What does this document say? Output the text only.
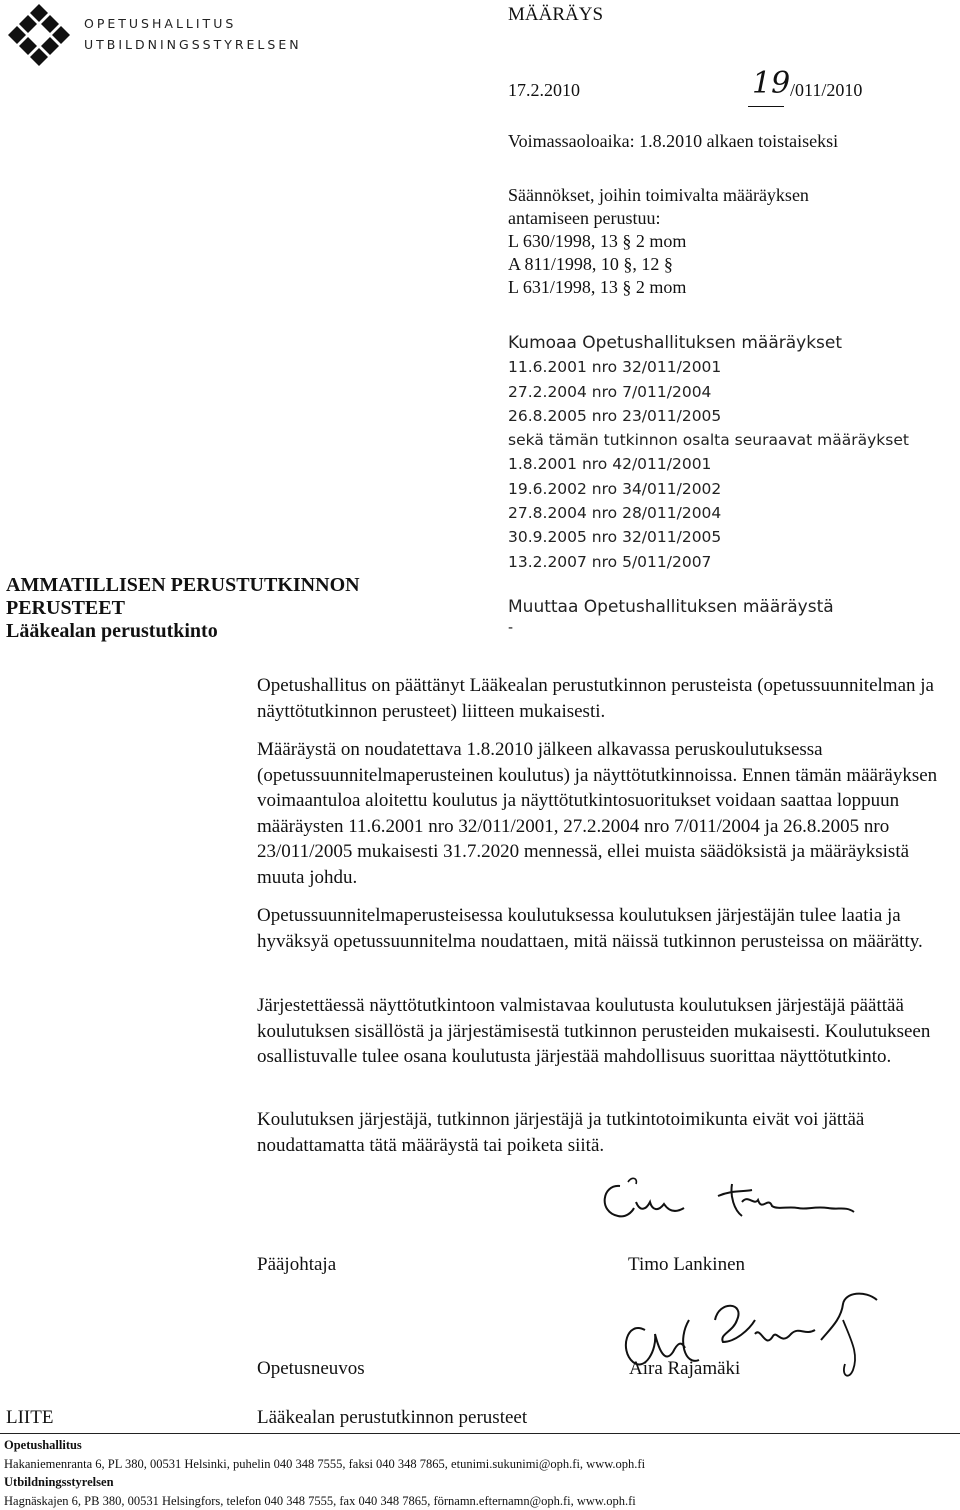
OPETUSHALLITUS
UTBILDNINGSSTYRELSEN
MÄÄRÄYS
17.2.2010	19 /011/2010
Voimassaoloaika: 1.8.2010 alkaen toistaiseksi
Säännökset, joihin toimivalta määräyksen
antamiseen perustuu:
L 630/1998, 13 § 2 mom
A 811/1998, 10 §, 12 §
L 631/1998, 13 § 2 mom
Kumoaa Opetushallituksen määräykset
11.6.2001 nro 32/011/2001
27.2.2004 nro 7/011/2004
26.8.2005 nro 23/011/2005
sekä tämän tutkinnon osalta seuraavat määräykset
1.8.2001 nro 42/011/2001
19.6.2002 nro 34/011/2002
27.8.2004 nro 28/011/2004
30.9.2005 nro 32/011/2005
13.2.2007 nro 5/011/2007
Muuttaa Opetushallituksen määräystä
-
AMMATILLISEN PERUSTUTKINNON
PERUSTEET
Lääkealan perustutkinto
Opetushallitus on päättänyt Lääkealan perustutkinnon perusteista (opetussuunnitelman ja näyttötutkinnon perusteet) liitteen mukaisesti.
Määräystä on noudatettava 1.8.2010 jälkeen alkavassa peruskoulutuksessa (opetussuunnitelmaperusteinen koulutus) ja näyttötutkinnoissa. Ennen tämän määräyksen voimaantuloa aloitettu koulutus ja näyttötutkintosuoritukset voidaan saattaa loppuun määräysten 11.6.2001 nro 32/011/2001, 27.2.2004 nro 7/011/2004 ja 26.8.2005 nro 23/011/2005 mukaisesti 31.7.2020 mennessä, ellei muista säädöksistä ja määräyksistä muuta johdu.
Opetussuunnitelmaperusteisessa koulutuksessa koulutuksen järjestäjän tulee laatia ja hyväksyä opetussuunnitelma noudattaen, mitä näissä tutkinnon perusteissa on määrätty.
Järjestettäessä näyttötutkintoon valmistavaa koulutusta koulutuksen järjestäjä päättää koulutuksen sisällöstä ja järjestämisestä tutkinnon perusteiden mukaisesti. Koulutukseen osallistuvalle tulee osana koulutusta järjestää mahdollisuus suorittaa näyttötutkinto.
Koulutuksen järjestäjä, tutkinnon järjestäjä ja tutkintotoimikunta eivät voi jättää noudattamatta tätä määräystä tai poiketa siitä.
Pääjohtaja	Timo Lankinen
Opetusneuvos	Aira Rajamäki
LIITE	Lääkealan perustutkinnon perusteet
Opetushallitus
Hakaniemenranta 6, PL 380, 00531 Helsinki, puhelin 040 348 7555, faksi 040 348 7865, etunimi.sukunimi@oph.fi, www.oph.fi
Utbildningsstyrelsen
Hagnäskajen 6, PB 380, 00531 Helsingfors, telefon 040 348 7555, fax 040 348 7865, förnamn.efternamn@oph.fi, www.oph.fi
